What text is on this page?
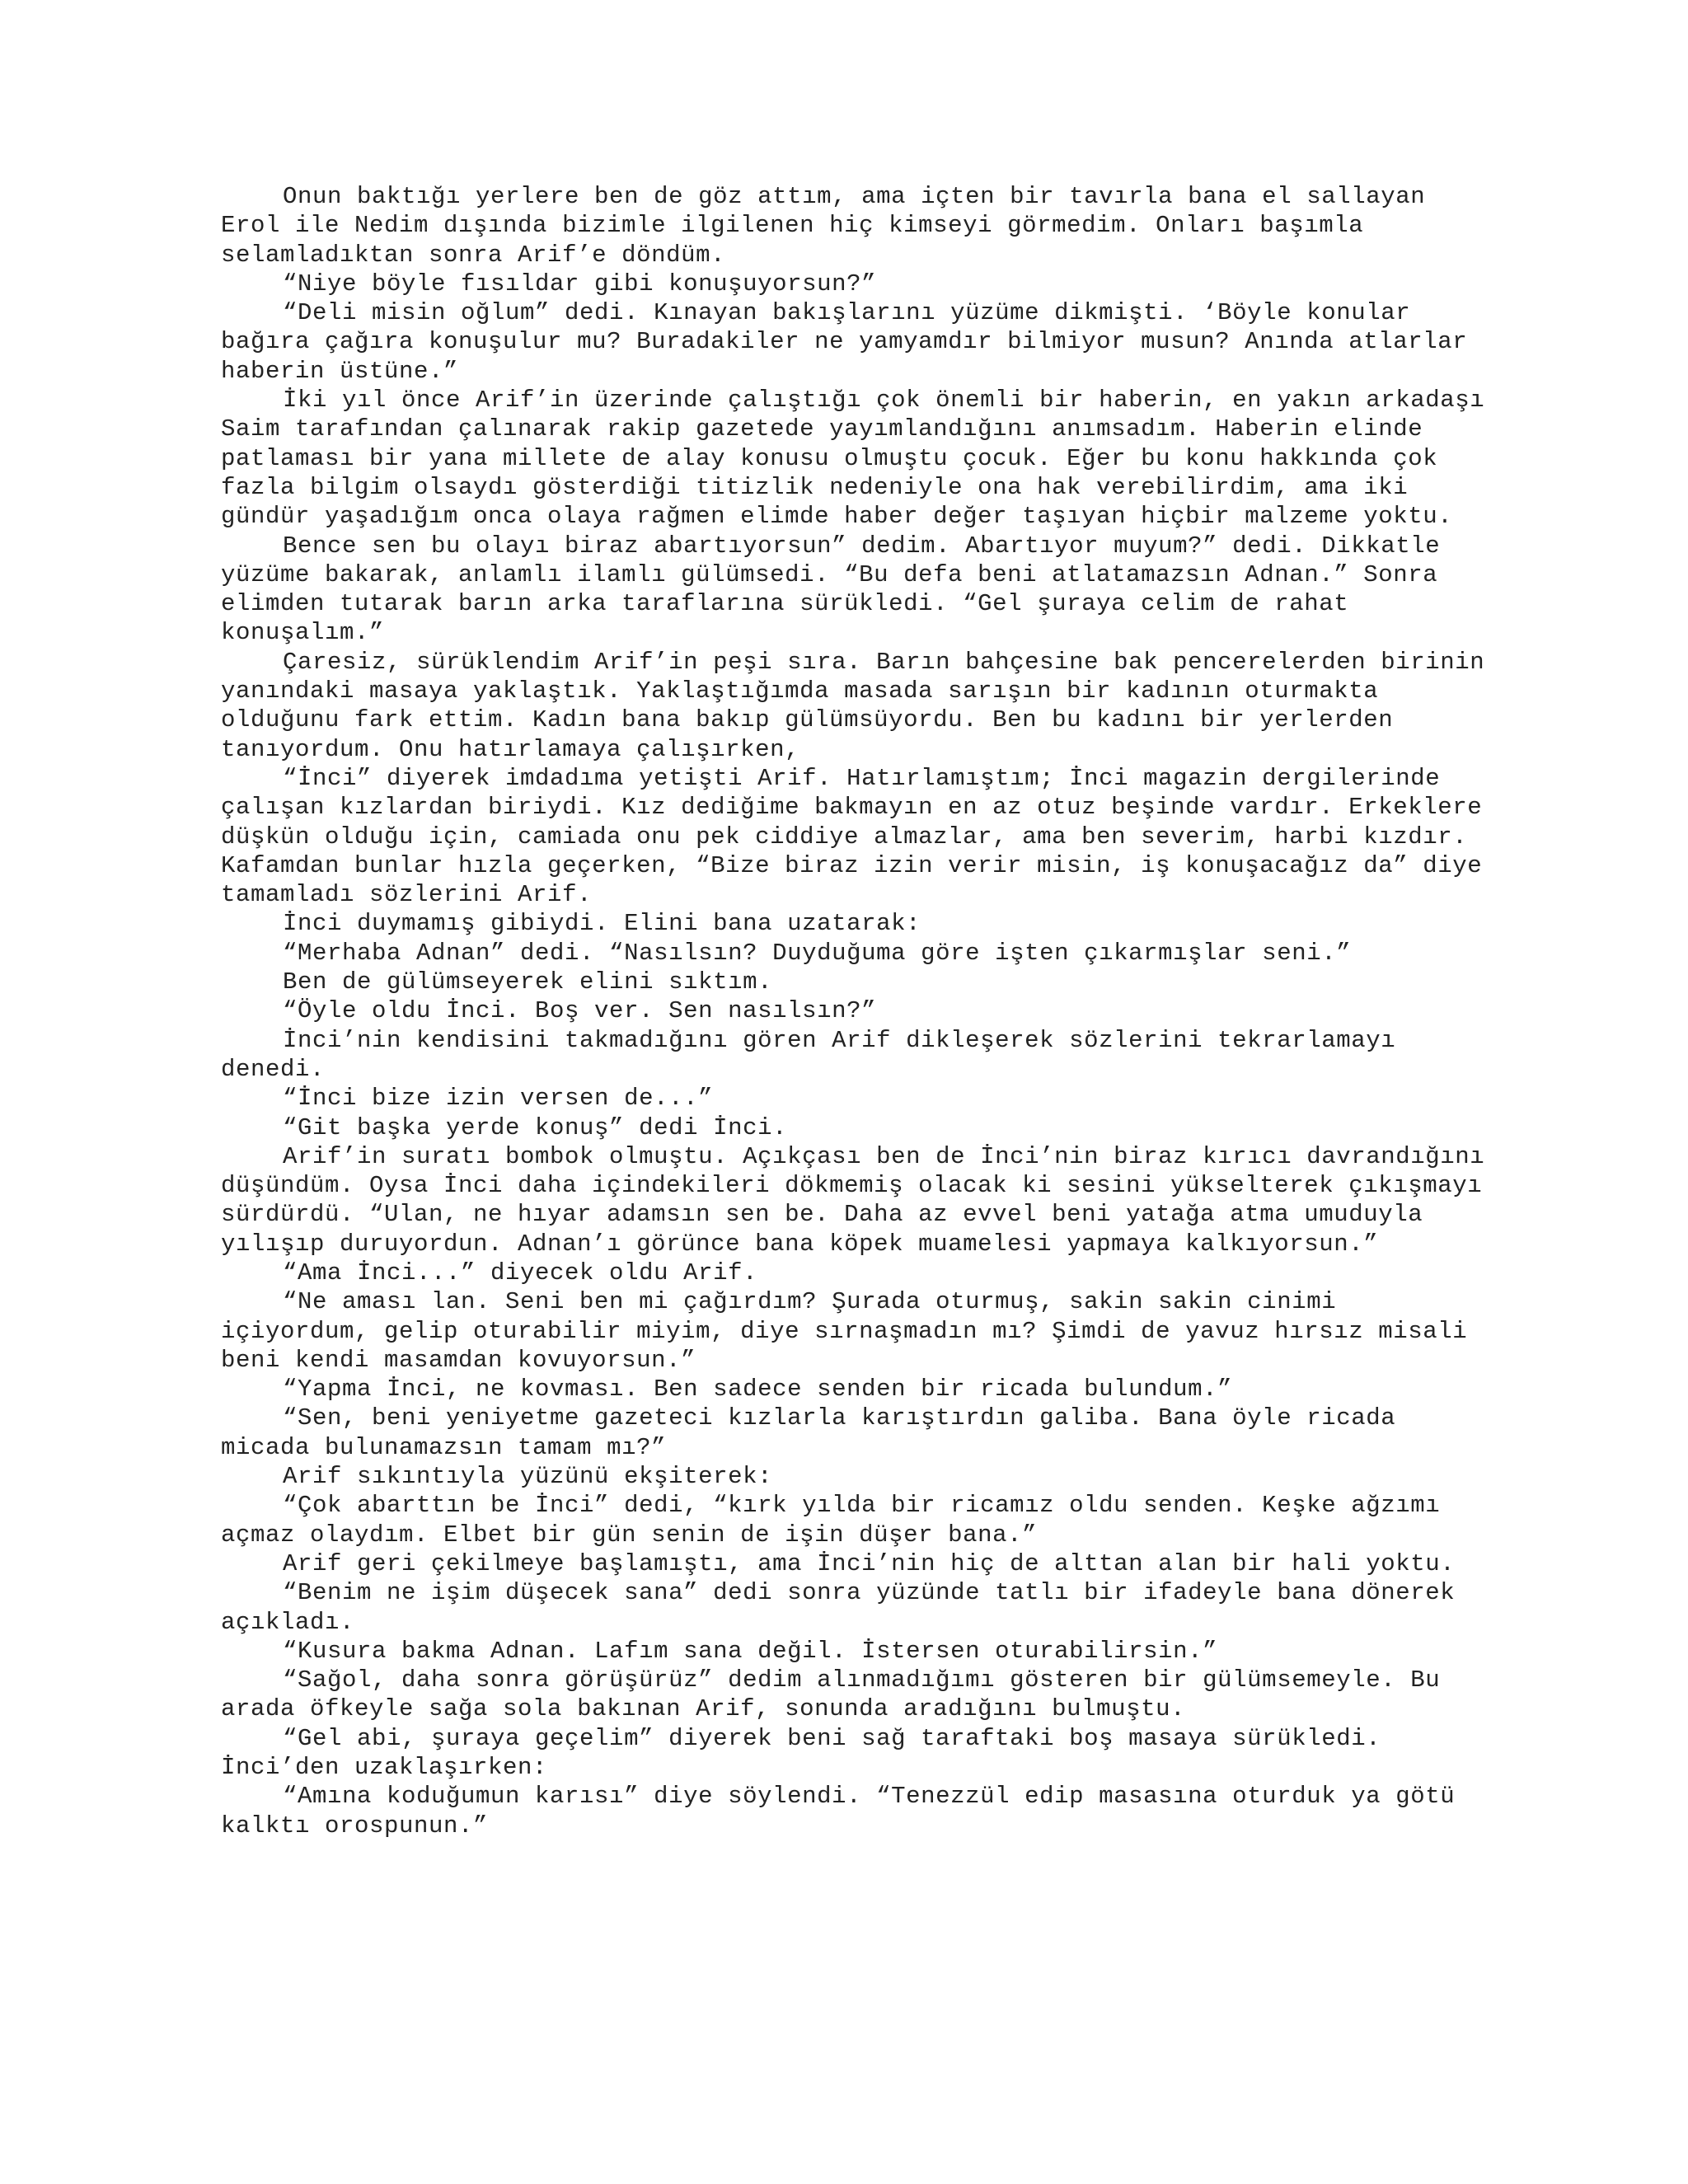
Onun baktığı yerlere ben de göz attım, ama içten bir tavırla bana el sallayan Erol ile Nedim dışında bizimle ilgilenen hiç kimseyi görmedim. Onları başımla selamladıktan sonra Arif’e döndüm.

“Niye böyle fısıldar gibi konuşuyorsun?”

“Deli misin oğlum” dedi. Kınayan bakışlarını yüzüme dikmişti. ‘Böyle konular bağıra çağıra konuşulur mu? Buradakiler ne yamyamdır bilmiyor musun? Anında atlarlar haberin üstüne.”

İki yıl önce Arif’in üzerinde çalıştığı çok önemli bir haberin, en yakın arkadaşı Saim tarafından çalınarak rakip gazetede yayımlandığını anımsadım. Haberin elinde patlaması bir yana millete de alay konusu olmuştu çocuk. Eğer bu konu hakkında çok fazla bilgim olsaydı gösterdiği titizlik nedeniyle ona hak verebilirdim, ama iki gündür yaşadığım onca olaya rağmen elimde haber değer taşıyan hiçbir malzeme yoktu.

Bence sen bu olayı biraz abartıyorsun” dedim. Abartıyor muyum?” dedi. Dikkatle yüzüme bakarak, anlamlı ilamlı gülümsedi. “Bu defa beni atlatamazsın Adnan.” Sonra elimden tutarak barın arka taraflarına sürükledi. “Gel şuraya celim de rahat konuşalım.”

Çaresiz, sürüklendim Arif’in peşi sıra. Barın bahçesine bak pencerelerden birinin yanındaki masaya yaklaştık. Yaklaştığımda masada sarışın bir kadının oturmakta olduğunu fark ettim. Kadın bana bakıp gülümsüyordu. Ben bu kadını bir yerlerden tanıyordum. Onu hatırlamaya çalışırken,

“İnci” diyerek imdadıma yetişti Arif. Hatırlamıştım; İnci magazin dergilerinde çalışan kızlardan biriydi. Kız dediğime bakmayın en az otuz beşinde vardır. Erkeklere düşkün olduğu için, camiada onu pek ciddiye almazlar, ama ben severim, harbi kızdır. Kafamdan bunlar hızla geçerken, “Bize biraz izin verir misin, iş konuşacağız da” diye tamamladı sözlerini Arif.

İnci duymamış gibiydi. Elini bana uzatarak:

“Merhaba Adnan” dedi. “Nasılsın? Duyduğuma göre işten çıkarmışlar seni.”

Ben de gülümseyerek elini sıktım.

“Öyle oldu İnci. Boş ver. Sen nasılsın?”

İnci’nin kendisini takmadığını gören Arif dikleşerek sözlerini tekrarlamayı denedi.

“İnci bize izin versen de...”

“Git başka yerde konuş” dedi İnci.

Arif’in suratı bombok olmuştu. Açıkçası ben de İnci’nin biraz kırıcı davrandığını düşündüm. Oysa İnci daha içindekileri dökmemiş olacak ki sesini yükselterek çıkışmayı sürdürdü. “Ulan, ne hıyar adamsın sen be. Daha az evvel beni yatağa atma umuduyla yılışıp duruyordun. Adnan’ı görünce bana köpek muamelesi yapmaya kalkıyorsun.”

“Ama İnci...” diyecek oldu Arif.

“Ne aması lan. Seni ben mi çağırdım? Şurada oturmuş, sakin sakin cinimi içiyordum, gelip oturabilir miyim, diye sırnaşmadın mı? Şimdi de yavuz hırsız misali beni kendi masamdan kovuyorsun.”

“Yapma İnci, ne kovması. Ben sadece senden bir ricada bulundum.”

“Sen, beni yeniyetme gazeteci kızlarla karıştırdın galiba. Bana öyle ricada micada bulunamazsın tamam mı?”

Arif sıkıntıyla yüzünü ekşiterek:

“Çok abarttın be İnci” dedi, “kırk yılda bir ricamız oldu senden. Keşke ağzımı açmaz olaydım. Elbet bir gün senin de işin düşer bana.”

Arif geri çekilmeye başlamıştı, ama İnci’nin hiç de alttan alan bir hali yoktu.

“Benim ne işim düşecek sana” dedi sonra yüzünde tatlı bir ifadeyle bana dönerek açıkladı.

“Kusura bakma Adnan. Lafım sana değil. İstersen oturabilirsin.”

“Sağol, daha sonra görüşürüz” dedim alınmadığımı gösteren bir gülümsemeyle. Bu arada öfkeyle sağa sola bakınan Arif, sonunda aradığını bulmuştu.

“Gel abi, şuraya geçelim” diyerek beni sağ taraftaki boş masaya sürükledi. İnci’den uzaklaşırken:

“Amına koduğumun karısı” diye söylendi. “Tenezzül edip masasına oturduk ya götü kalktı orospunun.”
